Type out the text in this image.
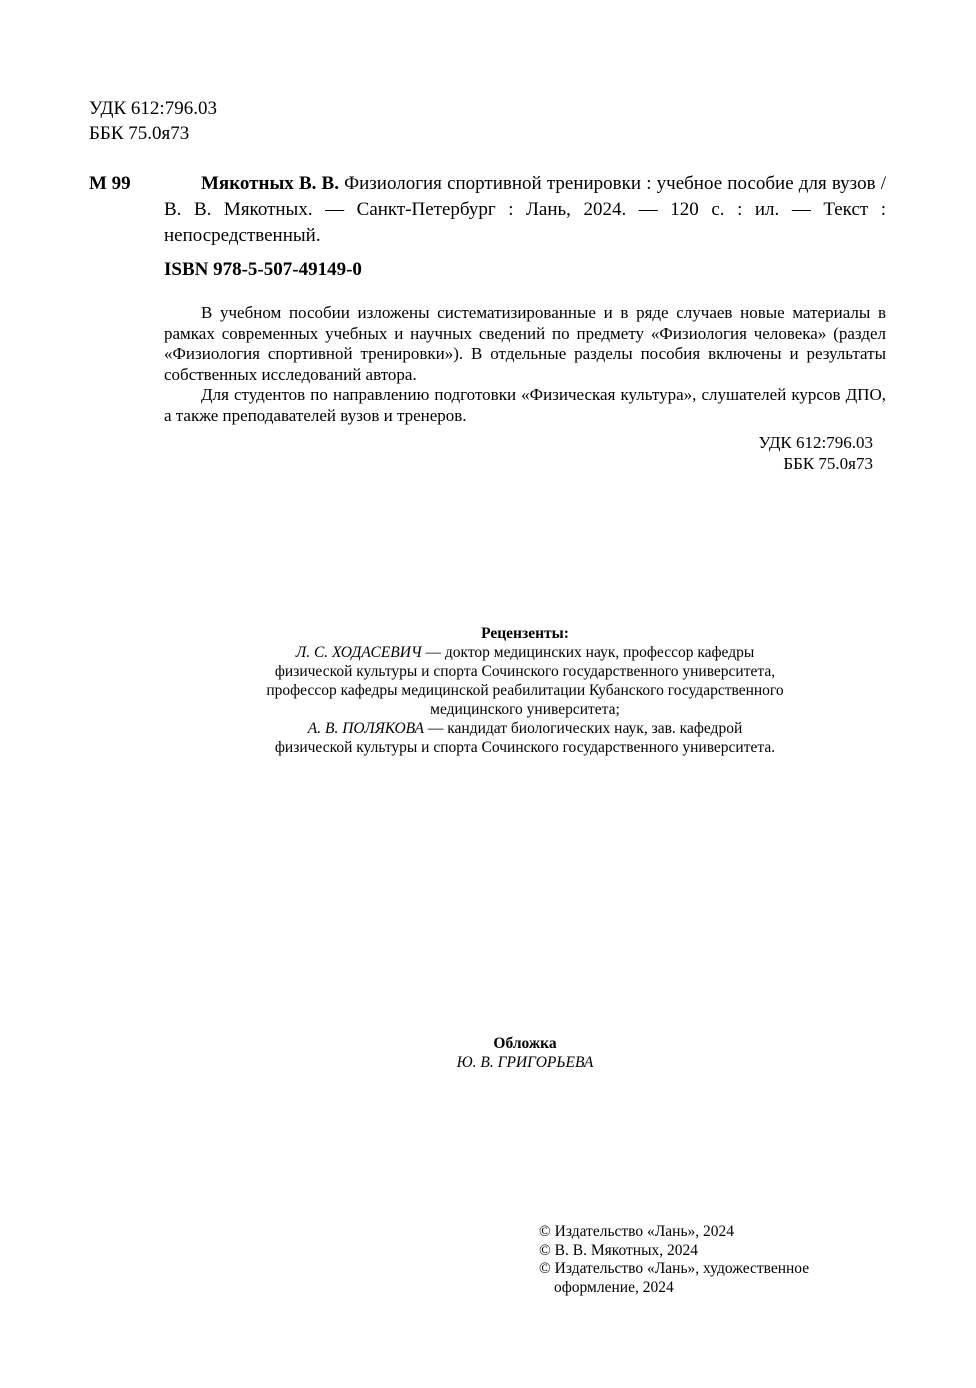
УДК 612:796.03
ББК 75.0я73
М 99	Мякотных В. В. Физиология спортивной тренировки : учебное пособие для вузов / В. В. Мякотных. — Санкт-Петербург : Лань, 2024. — 120 с. : ил. — Текст : непосредственный.
ISBN 978-5-507-49149-0

В учебном пособии изложены систематизированные и в ряде случаев новые материалы в рамках современных учебных и научных сведений по предмету «Физиология человека» (раздел «Физиология спортивной тренировки»). В отдельные разделы пособия включены и результаты собственных исследований автора.

Для студентов по направлению подготовки «Физическая культура», слушателей курсов ДПО, а также преподавателей вузов и тренеров.

УДК 612:796.03
ББК 75.0я73
Рецензенты:
Л. С. ХОДАСЕВИЧ — доктор медицинских наук, профессор кафедры
физической культуры и спорта Сочинского государственного университета,
профессор кафедры медицинской реабилитации Кубанского государственного
медицинского университета;
А. В. ПОЛЯКОВА — кандидат биологических наук, зав. кафедрой
физической культуры и спорта Сочинского государственного университета.
Обложка
Ю. В. ГРИГОРЬЕВА
© Издательство «Лань», 2024
© В. В. Мякотных, 2024
© Издательство «Лань», художественное
оформление, 2024
